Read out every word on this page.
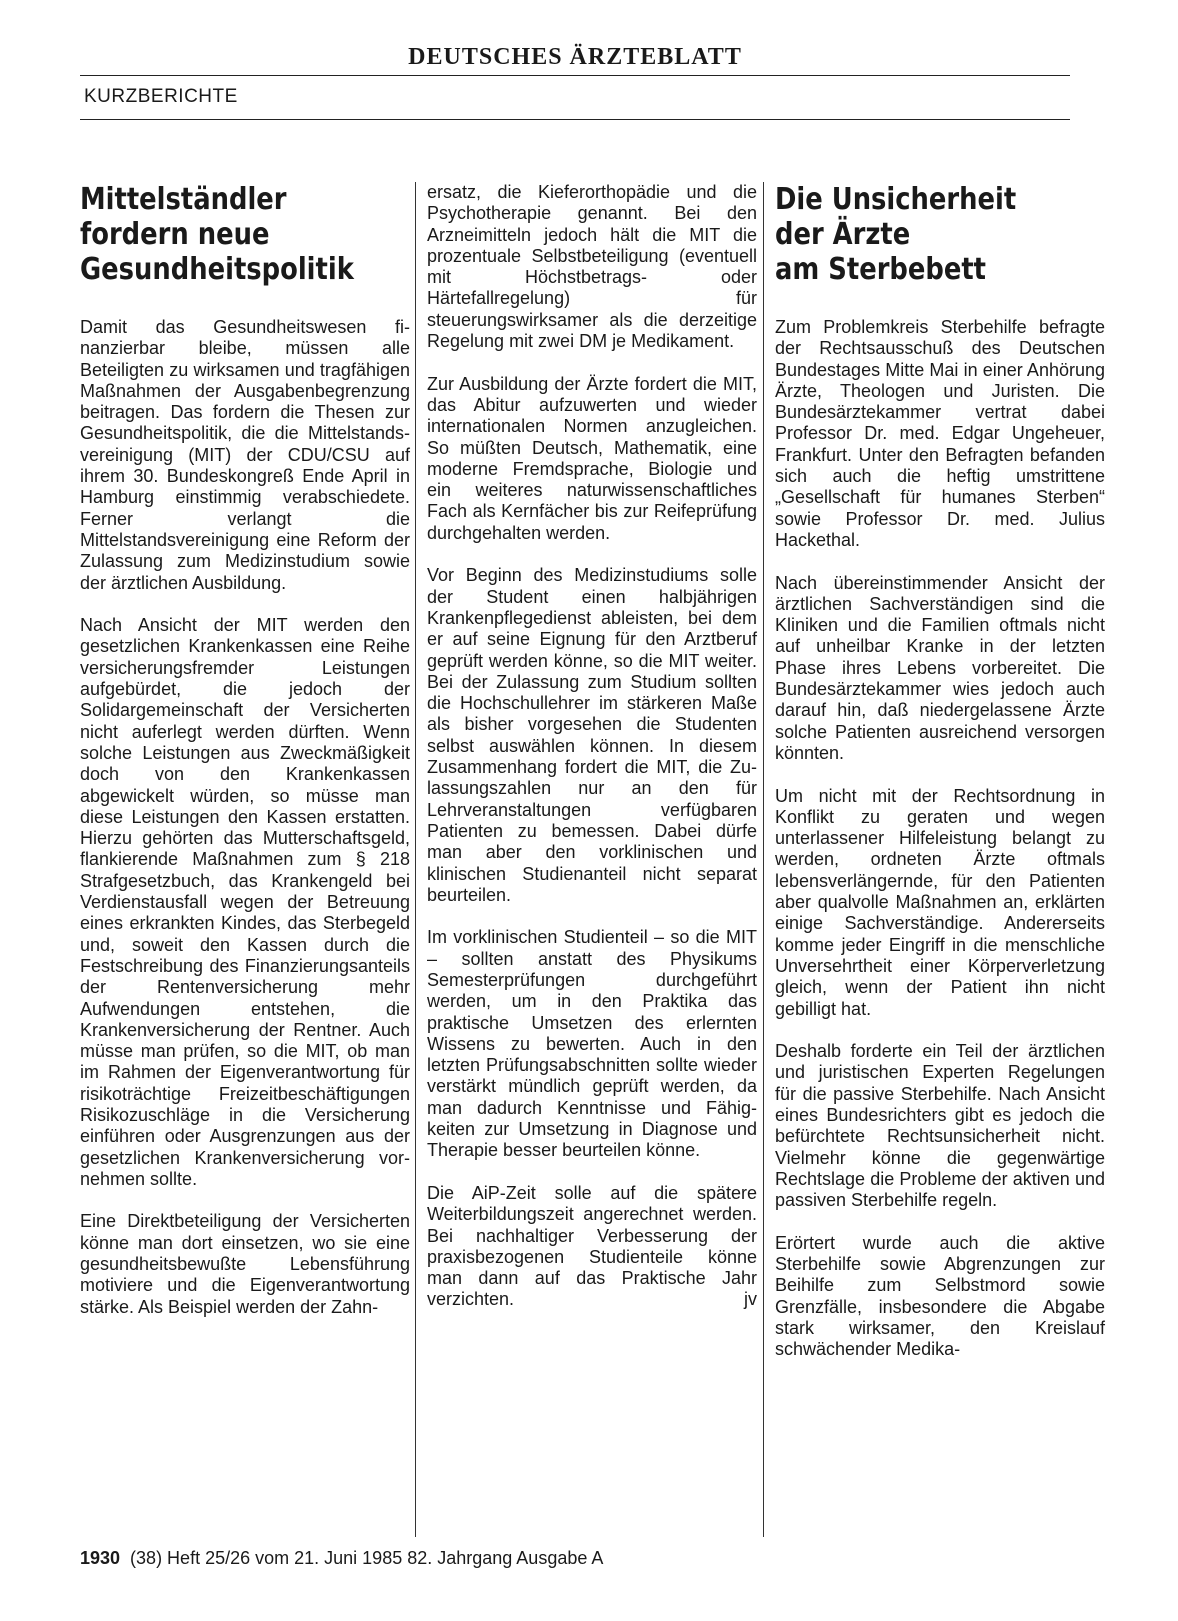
DEUTSCHES ÄRZTEBLATT
KURZBERICHTE
Mittelständler
fordern neue
Gesundheitspolitik

Damit das Gesundheitswesen finanzierbar bleibe, müssen alle Beteiligten zu wirksamen und tragfähigen Maßnahmen der Ausgabenbegrenzung beitragen. Das fordern die Thesen zur Gesundheitspolitik, die die Mittelstandsvereinigung (MIT) der CDU/CSU auf ihrem 30. Bundeskongreß Ende April in Hamburg einstimmig verabschiedete. Ferner verlangt die Mittelstandsvereinigung eine Reform der Zulassung zum Medizinstudium sowie der ärztlichen Ausbildung.

Nach Ansicht der MIT werden den gesetzlichen Krankenkassen eine Reihe versicherungsfremder Leistungen aufgebürdet, die jedoch der Solidargemeinschaft der Versicherten nicht auferlegt werden dürften. Wenn solche Leistungen aus Zweckmäßigkeit doch von den Krankenkassen abgewickelt würden, so müsse man diese Leistungen den Kassen erstatten. Hierzu gehörten das Mutterschaftsgeld, flankierende Maßnahmen zum § 218 Strafgesetzbuch, das Krankengeld bei Verdienstausfall wegen der Betreuung eines erkrankten Kindes, das Sterbegeld und, soweit den Kassen durch die Festschreibung des Finanzierungsanteils der Rentenversicherung mehr Aufwendungen entstehen, die Krankenversicherung der Rentner. Auch müsse man prüfen, so die MIT, ob man im Rahmen der Eigenverantwortung für risikoträchtige Freizeitbeschäftigungen Risikozuschläge in die Versicherung einführen oder Ausgrenzungen aus der gesetzlichen Krankenversicherung vornehmen sollte.

Eine Direktbeteiligung der Versicherten könne man dort einsetzen, wo sie eine gesundheitsbewußte Lebensführung motiviere und die Eigenverantwortung stärke. Als Beispiel werden der Zahn-

ersatz, die Kieferorthopädie und die Psychotherapie genannt. Bei den Arzneimitteln jedoch hält die MIT die prozentuale Selbstbeteiligung (eventuell mit Höchstbetrags- oder Härtefallregelung) für steuerungswirksamer als die derzeitige Regelung mit zwei DM je Medikament.

Zur Ausbildung der Ärzte fordert die MIT, das Abitur aufzuwerten und wieder internationalen Normen anzugleichen. So müßten Deutsch, Mathematik, eine moderne Fremdsprache, Biologie und ein weiteres naturwissenschaftliches Fach als Kernfächer bis zur Reifeprüfung durchgehalten werden.

Vor Beginn des Medizinstudiums solle der Student einen halbjährigen Krankenpflegedienst ableisten, bei dem er auf seine Eignung für den Arztberuf geprüft werden könne, so die MIT weiter. Bei der Zulassung zum Studium sollten die Hochschullehrer im stärkeren Maße als bisher vorgesehen die Studenten selbst auswählen können. In diesem Zusammenhang fordert die MIT, die Zulassungszahlen nur an den für Lehrveranstaltungen verfügbaren Patienten zu bemessen. Dabei dürfe man aber den vorklinischen und klinischen Studienanteil nicht separat beurteilen.

Im vorklinischen Studienteil – so die MIT – sollten anstatt des Physikums Semesterprüfungen durchgeführt werden, um in den Praktika das praktische Umsetzen des erlernten Wissens zu bewerten. Auch in den letzten Prüfungsabschnitten sollte wieder verstärkt mündlich geprüft werden, da man dadurch Kenntnisse und Fähigkeiten zur Umsetzung in Diagnose und Therapie besser beurteilen könne.

Die AiP-Zeit solle auf die spätere Weiterbildungszeit angerechnet werden. Bei nachhaltiger Verbesserung der praxisbezogenen Studienteile könne man dann auf das Praktische Jahr verzichten.	jv

Die Unsicherheit
der Ärzte
am Sterbebett

Zum Problemkreis Sterbehilfe befragte der Rechtsausschuß des Deutschen Bundestages Mitte Mai in einer Anhörung Ärzte, Theologen und Juristen. Die Bundesärztekammer vertrat dabei Professor Dr. med. Edgar Ungeheuer, Frankfurt. Unter den Befragten befanden sich auch die heftig umstrittene „Gesellschaft für humanes Sterben“ sowie Professor Dr. med. Julius Hackethal.

Nach übereinstimmender Ansicht der ärztlichen Sachverständigen sind die Kliniken und die Familien oftmals nicht auf unheilbar Kranke in der letzten Phase ihres Lebens vorbereitet. Die Bundesärztekammer wies jedoch auch darauf hin, daß niedergelassene Ärzte solche Patienten ausreichend versorgen könnten.

Um nicht mit der Rechtsordnung in Konflikt zu geraten und wegen unterlassener Hilfeleistung belangt zu werden, ordneten Ärzte oftmals lebensverlängernde, für den Patienten aber qualvolle Maßnahmen an, erklärten einige Sachverständige. Andererseits komme jeder Eingriff in die menschliche Unversehrtheit einer Körperverletzung gleich, wenn der Patient ihn nicht gebilligt hat.

Deshalb forderte ein Teil der ärztlichen und juristischen Experten Regelungen für die passive Sterbehilfe. Nach Ansicht eines Bundesrichters gibt es jedoch die befürchtete Rechtsunsicherheit nicht. Vielmehr könne die gegenwärtige Rechtslage die Probleme der aktiven und passiven Sterbehilfe regeln.

Erörtert wurde auch die aktive Sterbehilfe sowie Abgrenzungen zur Beihilfe zum Selbstmord sowie Grenzfälle, insbesondere die Abgabe stark wirksamer, den Kreislauf schwächender Medika-

1930 (38) Heft 25/26 vom 21. Juni 1985 82. Jahrgang Ausgabe A
